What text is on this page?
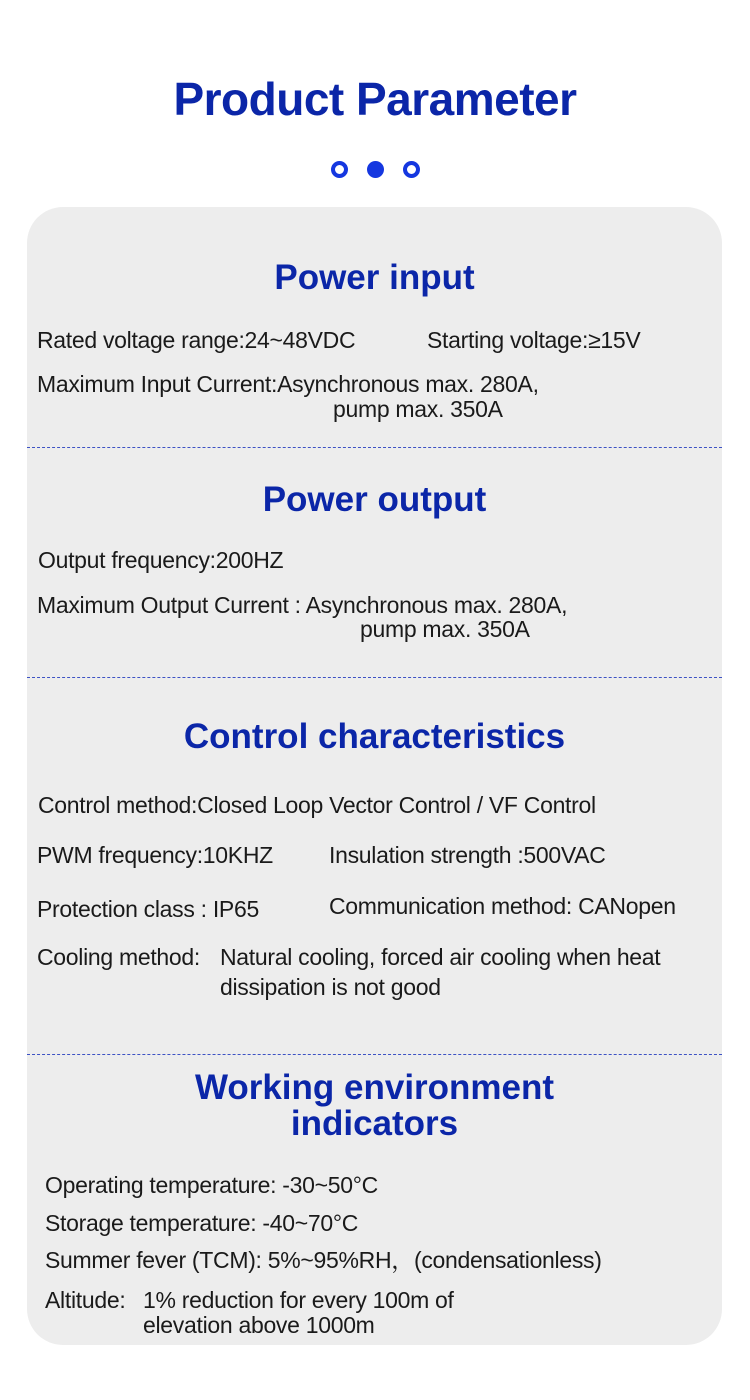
Product Parameter
Power input
Rated voltage range:24~48VDC	Starting voltage:≥15V
Maximum Input Current:Asynchronous max. 280A,
pump max. 350A
Power output
Output frequency:200HZ
Maximum Output Current : Asynchronous max. 280A,
pump max. 350A
Control characteristics
Control method:Closed Loop Vector Control / VF Control
PWM frequency:10KHZ Insulation strength :500VAC
Protection class : IP65	Communication method: CANopen
Cooling method: Natural cooling, forced air cooling when heat
dissipation is not good
Working environment
indicators
Operating temperature: -30~50°C
Storage temperature: -40~70°C
Summer fever (TCM): 5%~95%RH，(condensationless)
Altitude: 1% reduction for every 100m of
elevation above 1000m
